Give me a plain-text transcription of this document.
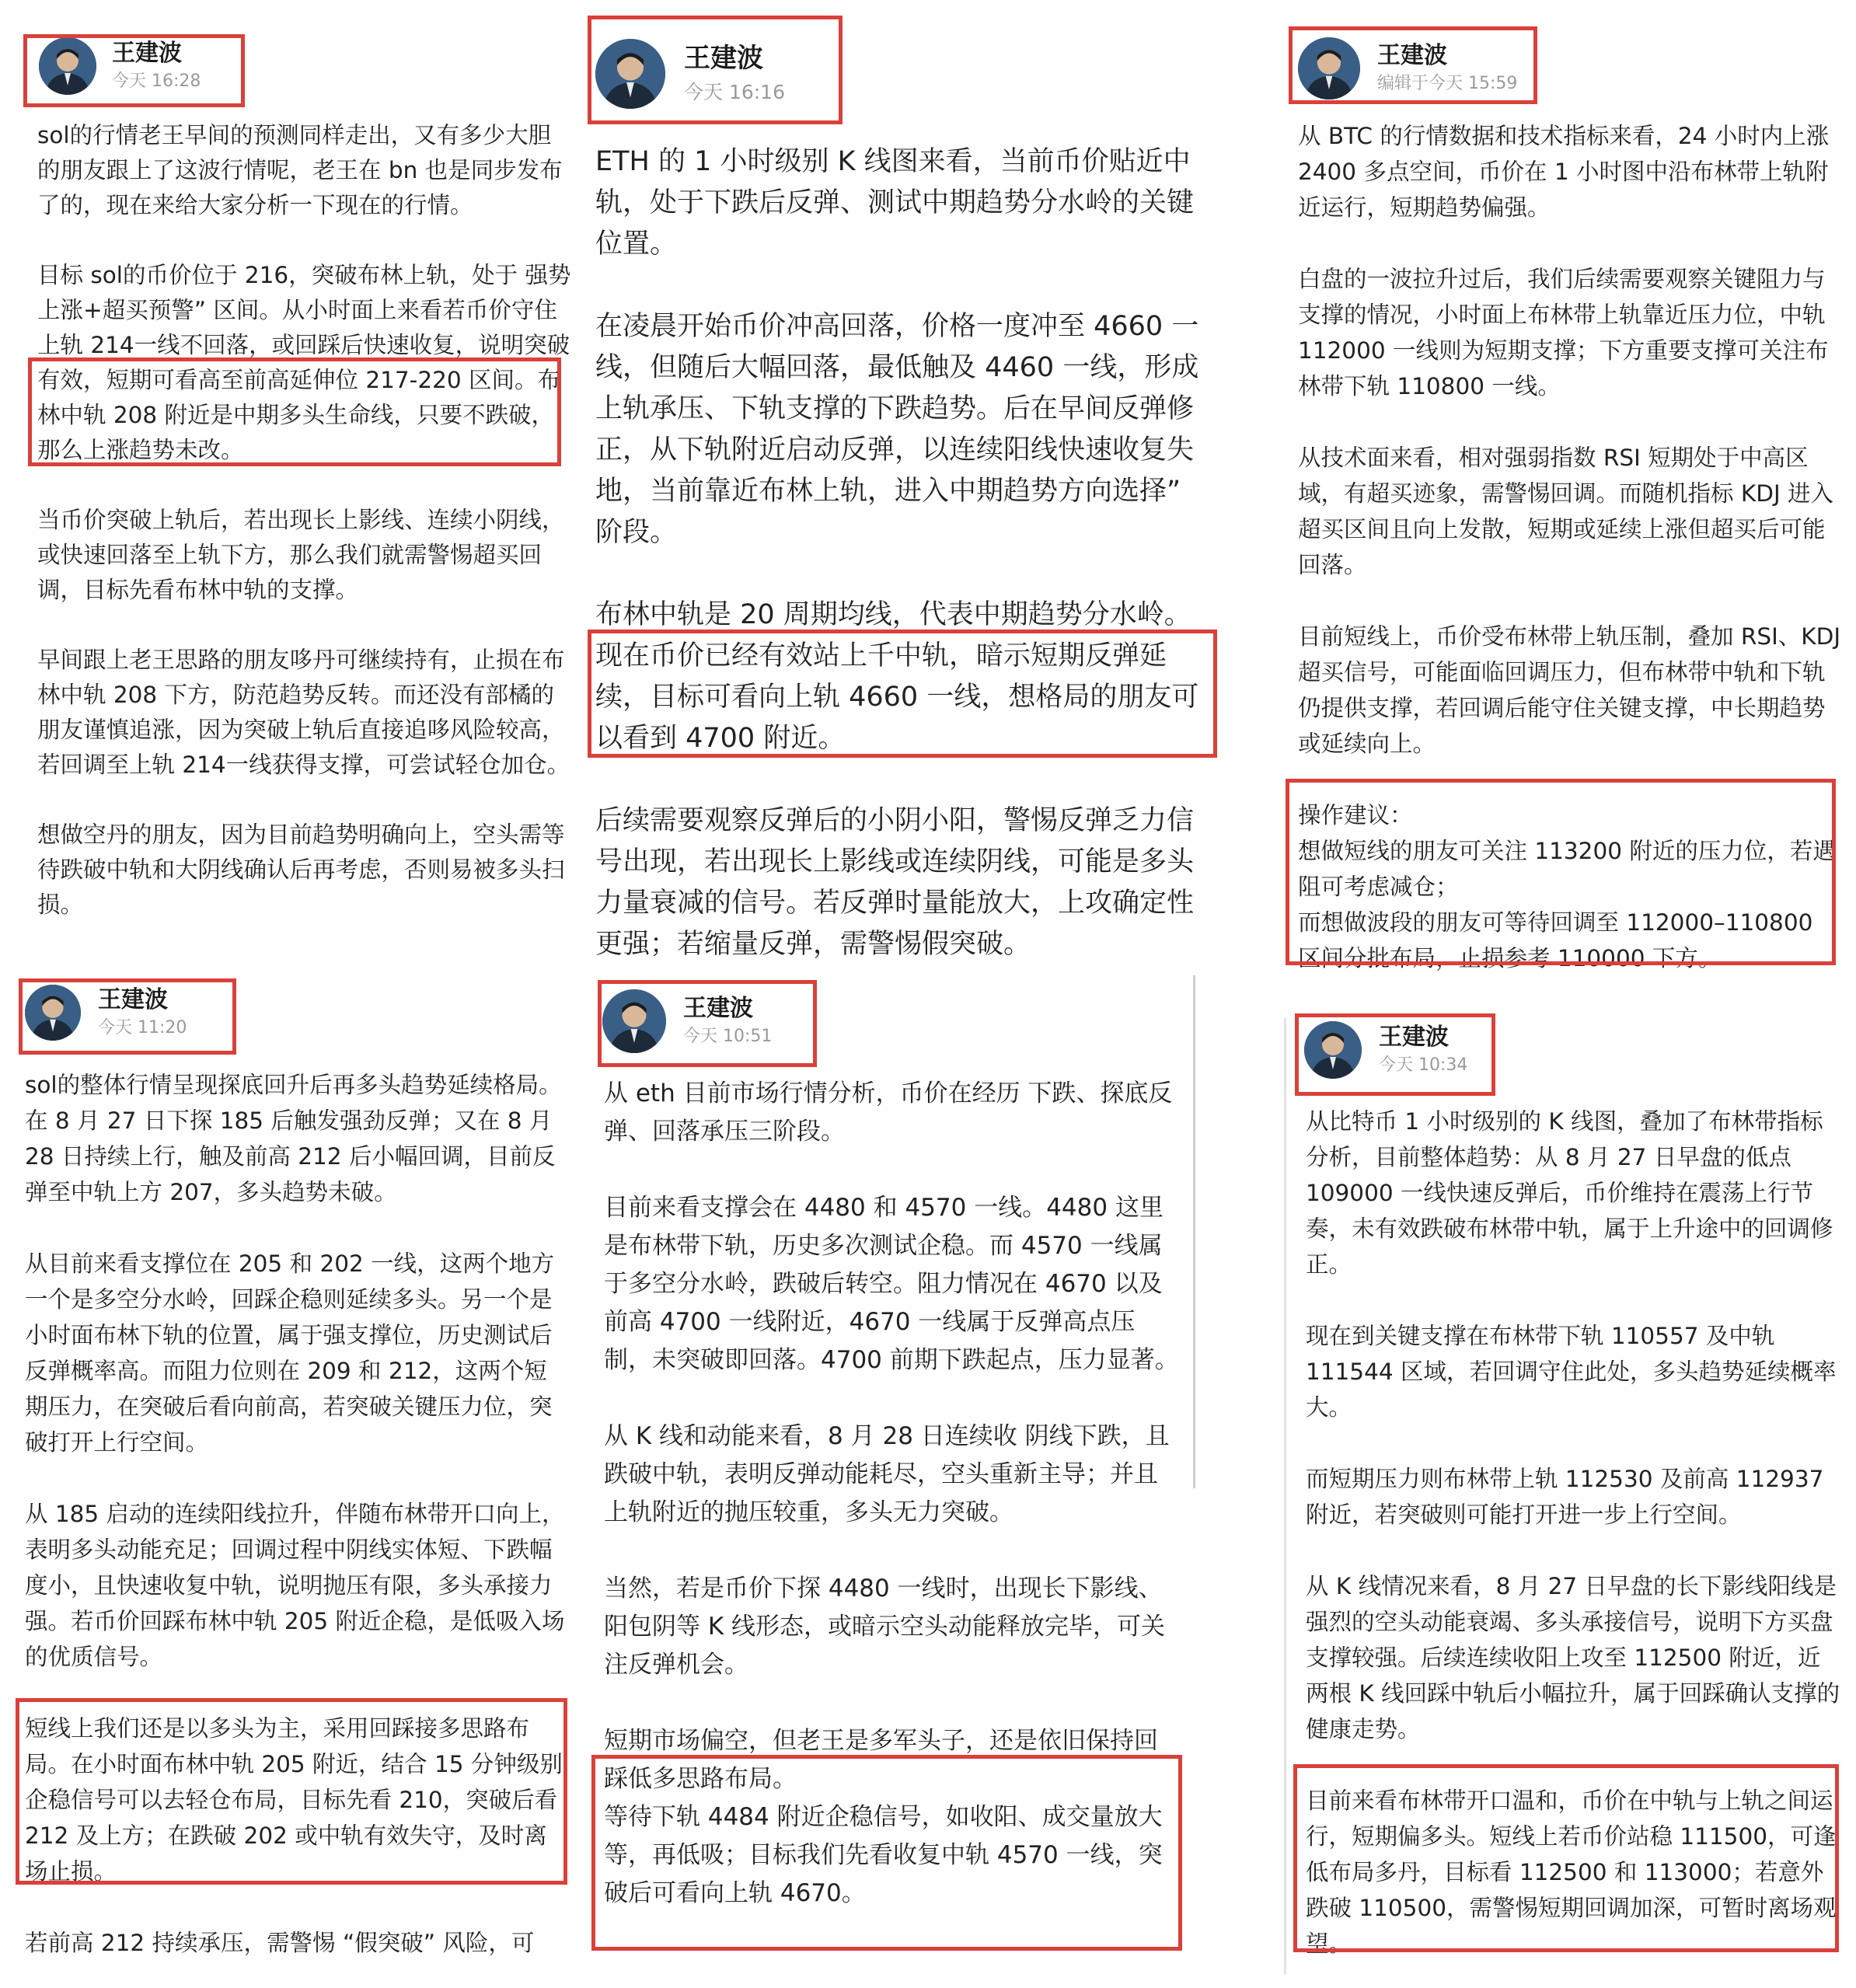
王建波
今天 16:28
sol的行情老王早间的预测同样走出，又有多少大胆的朋友跟上了这波行情呢，老王在 bn 也是同步发布了的，现在来给大家分析一下现在的行情。

目标 sol的币价位于 216，突破布林上轨，处于 强势上涨+超买预警” 区间。从小时面上来看若币价守住上轨 214一线不回落，或回踩后快速收复，说明突破有效，短期可看高至前高延伸位 217-220 区间。布林中轨 208 附近是中期多头生命线，只要不跌破，那么上涨趋势未改。

当币价突破上轨后，若出现长上影线、连续小阴线，或快速回落至上轨下方，那么我们就需警惕超买回调，目标先看布林中轨的支撑。

早间跟上老王思路的朋友哆丹可继续持有，止损在布林中轨 208 下方，防范趋势反转。而还没有部橘的朋友谨慎追涨，因为突破上轨后直接追哆风险较高，若回调至上轨 214一线获得支撑，可尝试轻仓加仓。

想做空丹的朋友，因为目前趋势明确向上，空头需等待跌破中轨和大阴线确认后再考虑，否则易被多头扫损。
王建波
今天 16:16
ETH 的 1 小时级别 K 线图来看，当前币价贴近中轨，处于下跌后反弹、测试中期趋势分水岭的关键位置。

在凌晨开始币价冲高回落，价格一度冲至 4660 一线，但随后大幅回落，最低触及 4460 一线，形成上轨承压、下轨支撑的下跌趋势。后在早间反弹修正，从下轨附近启动反弹，以连续阳线快速收复失地，当前靠近布林上轨，进入中期趋势方向选择” 阶段。

布林中轨是 20 周期均线，代表中期趋势分水岭。现在币价已经有效站上千中轨，暗示短期反弹延续，目标可看向上轨 4660 一线，想格局的朋友可以看到 4700 附近。

后续需要观察反弹后的小阴小阳，警惕反弹乏力信号出现，若出现长上影线或连续阴线，可能是多头力量衰减的信号。若反弹时量能放大，上攻确定性更强；若缩量反弹，需警惕假突破。
王建波
编辑于今天 15:59
从 BTC 的行情数据和技术指标来看，24 小时内上涨 2400 多点空间，币价在 1 小时图中沿布林带上轨附近运行，短期趋势偏强。

白盘的一波拉升过后，我们后续需要观察关键阻力与支撑的情况，小时面上布林带上轨靠近压力位，中轨 112000 一线则为短期支撑；下方重要支撑可关注布林带下轨 110800 一线。

从技术面来看，相对强弱指数 RSI 短期处于中高区域，有超买迹象，需警惕回调。而随机指标 KDJ 进入超买区间且向上发散，短期或延续上涨但超买后可能回落。

目前短线上，币价受布林带上轨压制，叠加 RSI、KDJ 超买信号，可能面临回调压力，但布林带中轨和下轨仍提供支撑，若回调后能守住关键支撑，中长期趋势或延续向上。

操作建议：
想做短线的朋友可关注 113200 附近的压力位，若遇阻可考虑减仓；
而想做波段的朋友可等待回调至 112000–110800 区间分批布局，止损参考 110000 下方。
王建波
今天 11:20
sol的整体行情呈现探底回升后再多头趋势延续格局。在 8 月 27 日下探 185 后触发强劲反弹；又在 8 月 28 日持续上行，触及前高 212 后小幅回调，目前反弹至中轨上方 207，多头趋势未破。

从目前来看支撑位在 205 和 202 一线，这两个地方一个是多空分水岭，回踩企稳则延续多头。另一个是小时面布林下轨的位置，属于强支撑位，历史测试后反弹概率高。而阻力位则在 209 和 212，这两个短期压力，在突破后看向前高，若突破关键压力位，突破打开上行空间。

从 185 启动的连续阳线拉升，伴随布林带开口向上，表明多头动能充足；回调过程中阴线实体短、下跌幅度小，且快速收复中轨，说明抛压有限，多头承接力强。若币价回踩布林中轨 205 附近企稳，是低吸入场的优质信号。

短线上我们还是以多头为主，采用回踩接多思路布局。在小时面布林中轨 205 附近，结合 15 分钟级别企稳信号可以去轻仓布局，目标先看 210，突破后看 212 及上方；在跌破 202 或中轨有效失守，及时离场止损。

若前高 212 持续承压，需警惕 “假突破” 风险，可
王建波
今天 10:51
从 eth 目前市场行情分析，币价在经历 下跌、探底反弹、回落承压三阶段。

目前来看支撑会在 4480 和 4570 一线。4480 这里是布林带下轨，历史多次测试企稳。而 4570 一线属于多空分水岭，跌破后转空。阻力情况在 4670 以及前高 4700 一线附近，4670 一线属于反弹高点压制，未突破即回落。4700 前期下跌起点，压力显著。

从 K 线和动能来看，8 月 28 日连续收 阴线下跌，且跌破中轨，表明反弹动能耗尽，空头重新主导；并且上轨附近的抛压较重，多头无力突破。

当然，若是币价下探 4480 一线时，出现长下影线、阳包阴等 K 线形态，或暗示空头动能释放完毕，可关注反弹机会。

短期市场偏空，但老王是多军头子，还是依旧保持回踩低多思路布局。
等待下轨 4484 附近企稳信号，如收阳、成交量放大等，再低吸；目标我们先看收复中轨 4570 一线，突破后可看向上轨 4670。
王建波
今天 10:34
从比特币 1 小时级别的 K 线图，叠加了布林带指标分析，目前整体趋势：从 8 月 27 日早盘的低点 109000 一线快速反弹后，币价维持在震荡上行节奏，未有效跌破布林带中轨，属于上升途中的回调修正。

现在到关键支撑在布林带下轨 110557 及中轨 111544 区域，若回调守住此处，多头趋势延续概率大。

而短期压力则布林带上轨 112530 及前高 112937 附近，若突破则可能打开进一步上行空间。

从 K 线情况来看，8 月 27 日早盘的长下影线阳线是强烈的空头动能衰竭、多头承接信号，说明下方买盘支撑较强。后续连续收阳上攻至 112500 附近，近两根 K 线回踩中轨后小幅拉升，属于回踩确认支撑的健康走势。

目前来看布林带开口温和，币价在中轨与上轨之间运行，短期偏多头。短线上若币价站稳 111500，可逢低布局多丹，目标看 112500 和 113000；若意外跌破 110500，需警惕短期回调加深，可暂时离场观望。
